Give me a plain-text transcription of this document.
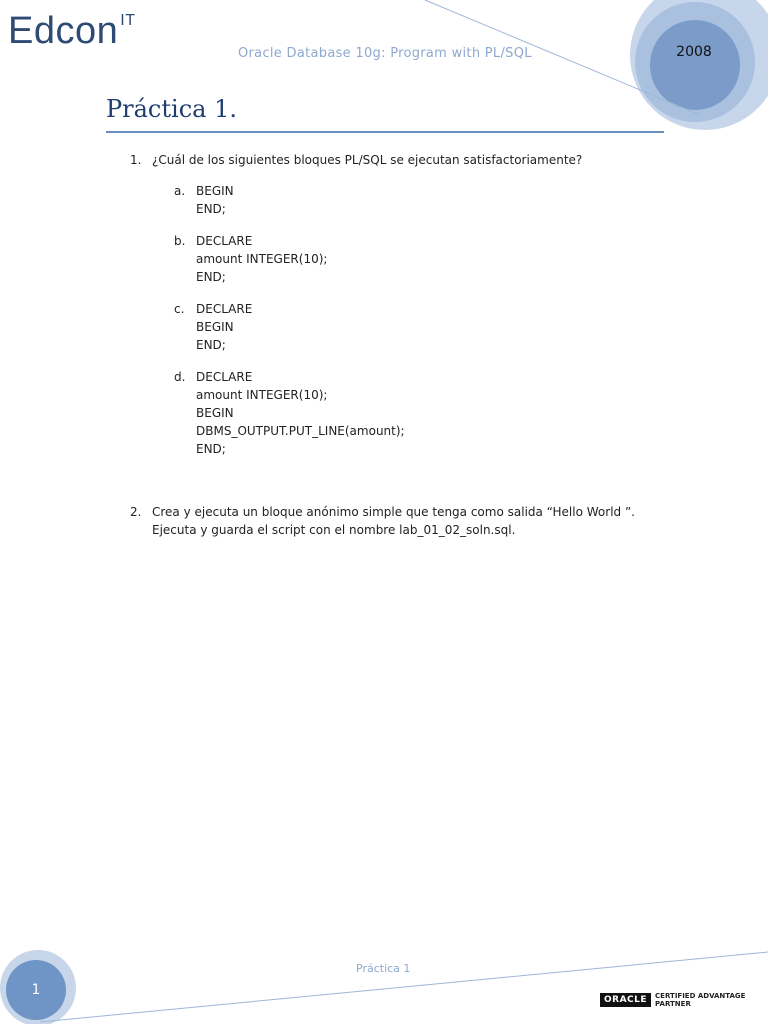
Edcon $^{IT}$
Oracle Database 10g: Program with PL/SQL	2008
Práctica 1.
1. ¿Cuál de los siguientes bloques PL/SQL se ejecutan satisfactoriamente?
a. BEGIN
END;
b. DECLARE
amount INTEGER(10);
END;
c. DECLARE
BEGIN
END;
d. DECLARE
amount INTEGER(10);
BEGIN
DBMS_OUTPUT.PUT_LINE(amount);
END;
2. Crea y ejecuta un bloque anónimo simple que tenga como salida “Hello World ”.
Ejecuta y guarda el script con el nombre lab_01_02_soln.sql.
Práctica 1
1
ORACLE	CERTIFIED ADVANTAGE
PARTNER
